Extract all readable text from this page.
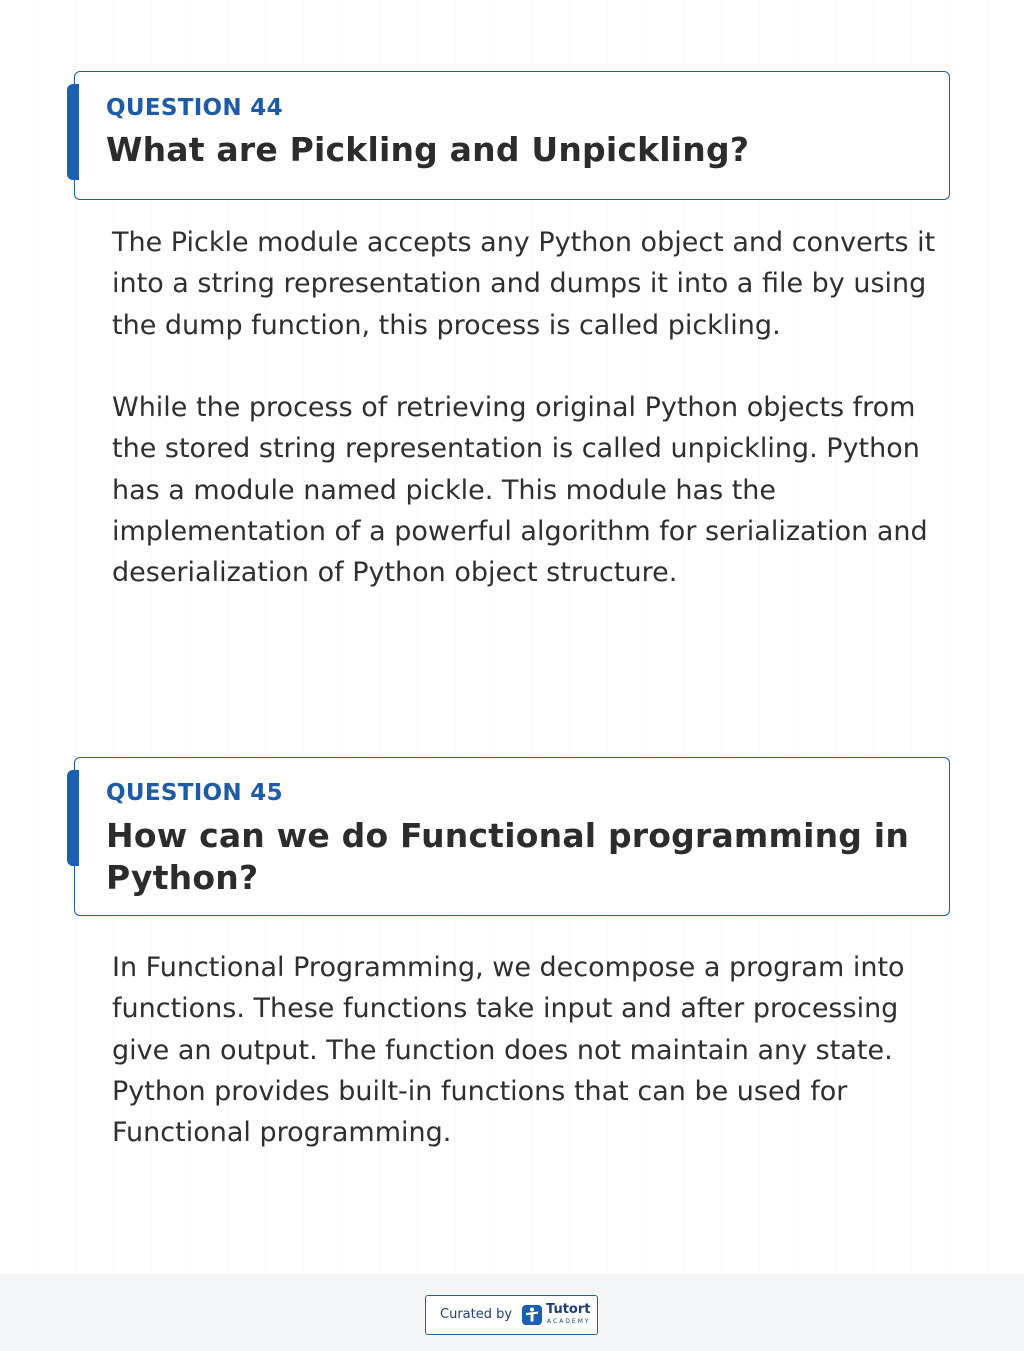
QUESTION 44
What are Pickling and Unpickling?

The Pickle module accepts any Python object and converts it into a string representation and dumps it into a file by using the dump function, this process is called pickling.

While the process of retrieving original Python objects from the stored string representation is called unpickling. Python has a module named pickle. This module has the implementation of a powerful algorithm for serialization and deserialization of Python object structure.

QUESTION 45
How can we do Functional programming in Python?

In Functional Programming, we decompose a program into functions. These functions take input and after processing give an output. The function does not maintain any state.

Python provides built-in functions that can be used for Functional programming.

Curated by	Tutort
ACADEMY
